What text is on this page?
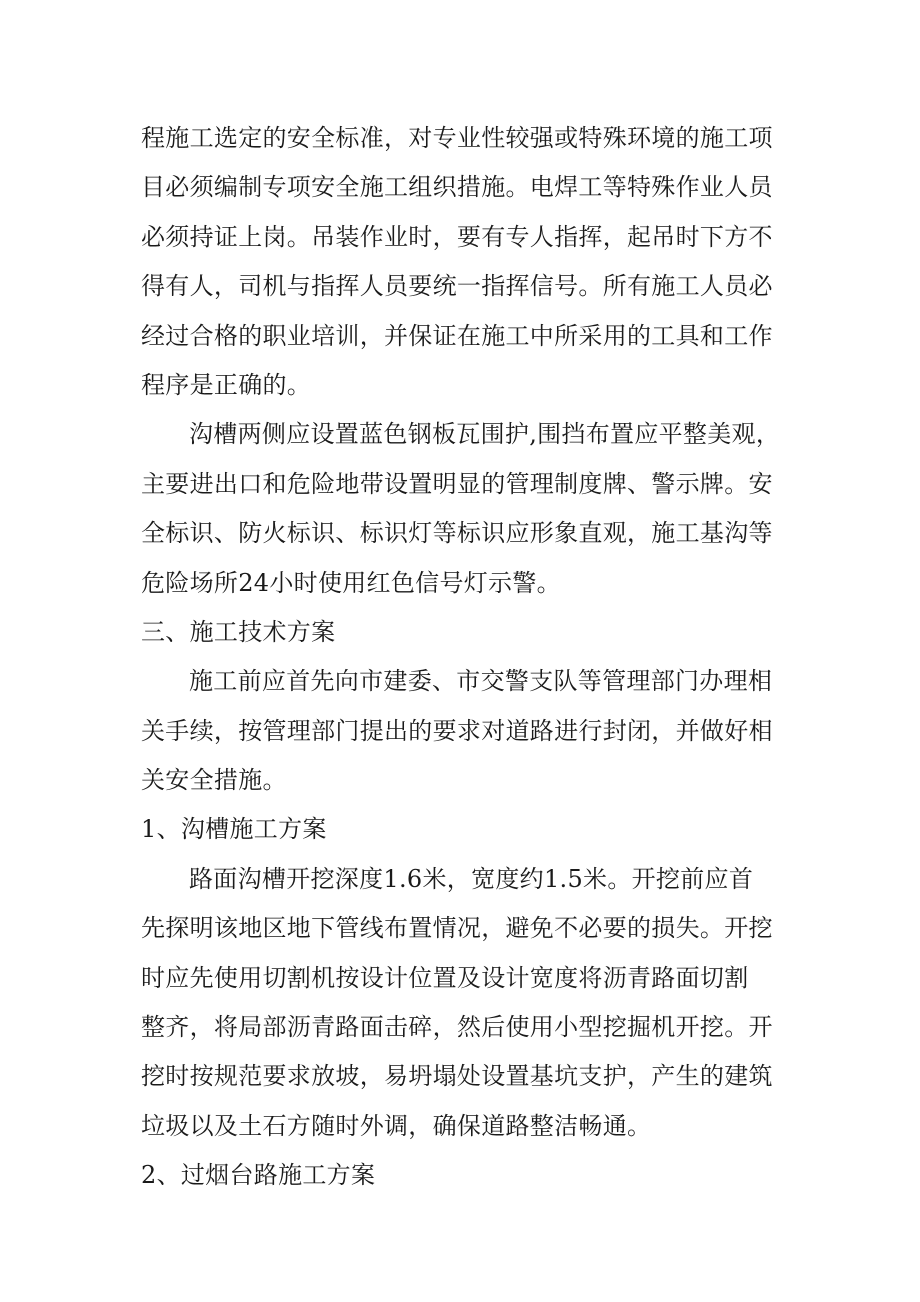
程施工选定的安全标准，对专业性较强或特殊环境的施工项
目必须编制专项安全施工组织措施。电焊工等特殊作业人员
必须持证上岗。吊装作业时，要有专人指挥，起吊时下方不
得有人，司机与指挥人员要统一指挥信号。所有施工人员必
经过合格的职业培训，并保证在施工中所采用的工具和工作
程序是正确的。
沟槽两侧应设置蓝色钢板瓦围护,围挡布置应平整美观，
主要进出口和危险地带设置明显的管理制度牌、警示牌。安
全标识、防火标识、标识灯等标识应形象直观，施工基沟等
危险场所24小时使用红色信号灯示警。
三、施工技术方案
施工前应首先向市建委、市交警支队等管理部门办理相
关手续，按管理部门提出的要求对道路进行封闭，并做好相
关安全措施。
1、沟槽施工方案
路面沟槽开挖深度1.6米，宽度约1.5米。开挖前应首
先探明该地区地下管线布置情况，避免不必要的损失。开挖
时应先使用切割机按设计位置及设计宽度将沥青路面切割
整齐，将局部沥青路面击碎，然后使用小型挖掘机开挖。开
挖时按规范要求放坡，易坍塌处设置基坑支护，产生的建筑
垃圾以及土石方随时外调，确保道路整洁畅通。
2、过烟台路施工方案
